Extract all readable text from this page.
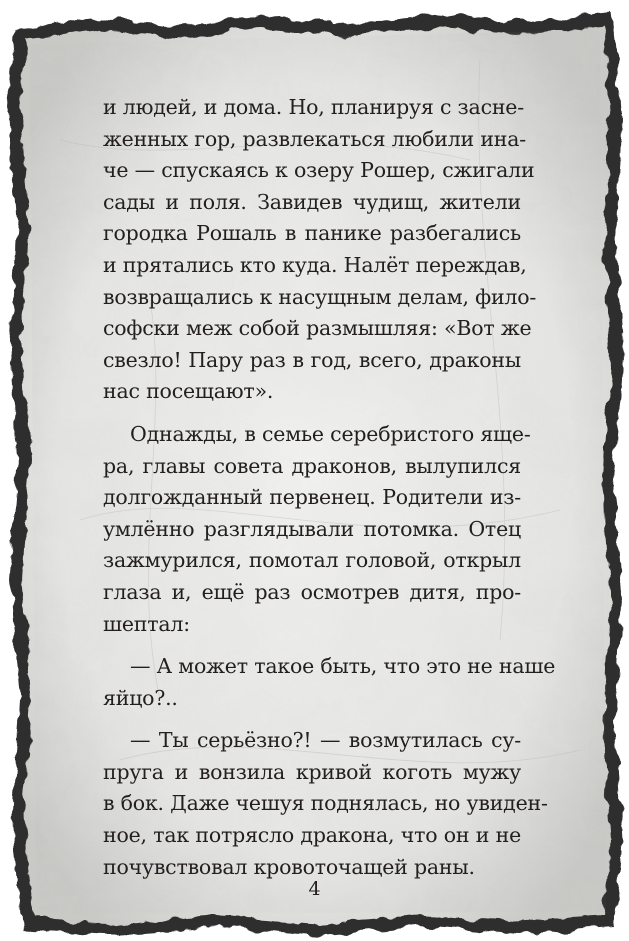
и людей, и дома. Но, планируя с засне-
женных гор, развлекаться любили ина-
че — спускаясь к озеру Рошер, сжигали
сады и поля. Завидев чудищ, жители
городка Рошаль в панике разбегались
и прятались кто куда. Налёт переждав,
возвращались к насущным делам, фило-
софски меж собой размышляя: «Вот же
свезло! Пару раз в год, всего, драконы
нас посещают».
Однажды, в семье серебристого яще-
ра, главы совета драконов, вылупился
долгожданный первенец. Родители из-
умлённо разглядывали потомка. Отец
зажмурился, помотал головой, открыл
глаза и, ещё раз осмотрев дитя, про-
шептал:
— А может такое быть, что это не наше
яйцо?..
— Ты серьёзно?! — возмутилась су-
пруга и вонзила кривой коготь мужу
в бок. Даже чешуя поднялась, но увиден-
ное, так потрясло дракона, что он и не
почувствовал кровоточащей раны.
4
